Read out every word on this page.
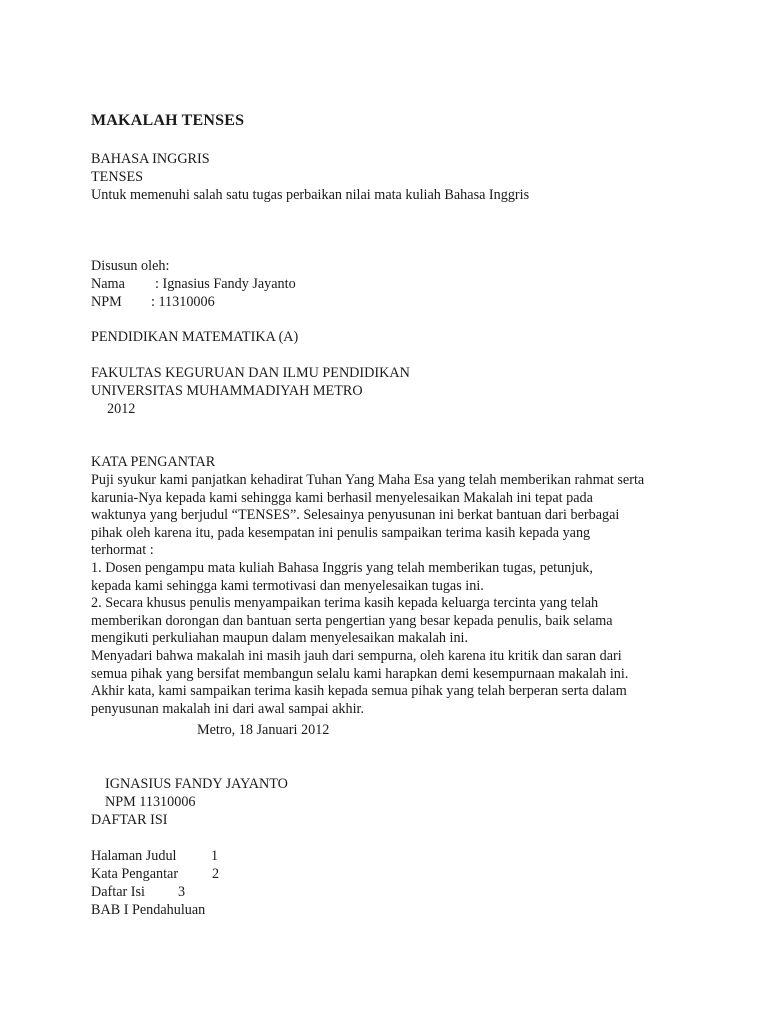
MAKALAH TENSES
BAHASA INGGRIS
TENSES
Untuk memenuhi salah satu tugas perbaikan nilai mata kuliah Bahasa Inggris
Disusun oleh:
Nama : Ignasius Fandy Jayanto
NPM : 11310006
PENDIDIKAN MATEMATIKA (A)
FAKULTAS KEGURUAN DAN ILMU PENDIDIKAN
UNIVERSITAS MUHAMMADIYAH METRO
2012
KATA PENGANTAR
Puji syukur kami panjatkan kehadirat Tuhan Yang Maha Esa yang telah memberikan rahmat serta
karunia-Nya kepada kami sehingga kami berhasil menyelesaikan Makalah ini tepat pada
waktunya yang berjudul “TENSES”. Selesainya penyusunan ini berkat bantuan dari berbagai
pihak oleh karena itu, pada kesempatan ini penulis sampaikan terima kasih kepada yang
terhormat :
1. Dosen pengampu mata kuliah Bahasa Inggris yang telah memberikan tugas, petunjuk,
kepada kami sehingga kami termotivasi dan menyelesaikan tugas ini.
2. Secara khusus penulis menyampaikan terima kasih kepada keluarga tercinta yang telah
memberikan dorongan dan bantuan serta pengertian yang besar kepada penulis, baik selama
mengikuti perkuliahan maupun dalam menyelesaikan makalah ini.
Menyadari bahwa makalah ini masih jauh dari sempurna, oleh karena itu kritik dan saran dari
semua pihak yang bersifat membangun selalu kami harapkan demi kesempurnaan makalah ini.
Akhir kata, kami sampaikan terima kasih kepada semua pihak yang telah berperan serta dalam
penyusunan makalah ini dari awal sampai akhir.
Metro, 18 Januari 2012
IGNASIUS FANDY JAYANTO
NPM 11310006
DAFTAR ISI
Halaman Judul 1
Kata Pengantar 2
Daftar Isi 3
BAB I Pendahuluan
